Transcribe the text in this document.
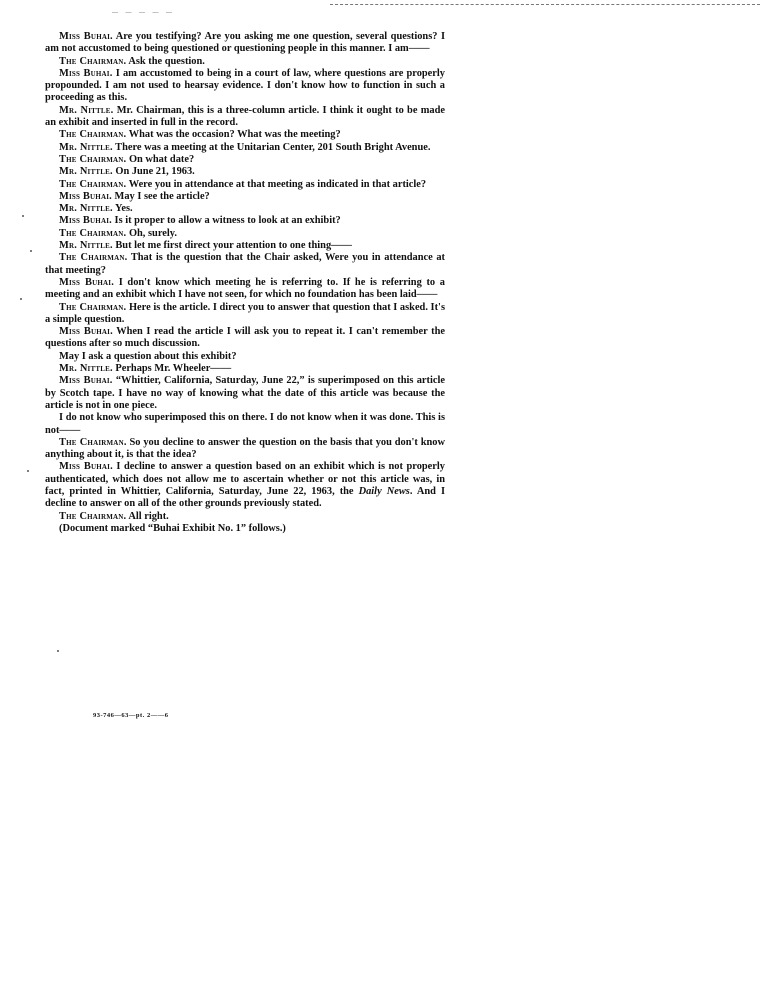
— — — — —

Miss Buhai. Are you testifying? Are you asking me one question, several questions? I am not accustomed to being questioned or questioning people in this manner. I am——

The Chairman. Ask the question.

Miss Buhai. I am accustomed to being in a court of law, where questions are properly propounded. I am not used to hearsay evidence. I don't know how to function in such a proceeding as this.

Mr. Nittle. Mr. Chairman, this is a three-column article. I think it ought to be made an exhibit and inserted in full in the record.

The Chairman. What was the occasion? What was the meeting?

Mr. Nittle. There was a meeting at the Unitarian Center, 201 South Bright Avenue.

The Chairman. On what date?

Mr. Nittle. On June 21, 1963.

The Chairman. Were you in attendance at that meeting as indicated in that article?

Miss Buhai. May I see the article?

Mr. Nittle. Yes.

Miss Buhai. Is it proper to allow a witness to look at an exhibit?

The Chairman. Oh, surely.

Mr. Nittle. But let me first direct your attention to one thing——

The Chairman. That is the question that the Chair asked, Were you in attendance at that meeting?

Miss Buhai. I don't know which meeting he is referring to. If he is referring to a meeting and an exhibit which I have not seen, for which no foundation has been laid——

The Chairman. Here is the article. I direct you to answer that question that I asked. It's a simple question.

Miss Buhai. When I read the article I will ask you to repeat it. I can't remember the questions after so much discussion.

May I ask a question about this exhibit?

Mr. Nittle. Perhaps Mr. Wheeler——

Miss Buhai. “Whittier, California, Saturday, June 22,” is superimposed on this article by Scotch tape. I have no way of knowing what the date of this article was because the article is not in one piece.

I do not know who superimposed this on there. I do not know when it was done. This is not——

The Chairman. So you decline to answer the question on the basis that you don't know anything about it, is that the idea?

Miss Buhai. I decline to answer a question based on an exhibit which is not properly authenticated, which does not allow me to ascertain whether or not this article was, in fact, printed in Whittier, California, Saturday, June 22, 1963, the Daily News. And I decline to answer on all of the other grounds previously stated.

The Chairman. All right.

(Document marked “Buhai Exhibit No. 1” follows.)

93-746—63—pt. 2——6
